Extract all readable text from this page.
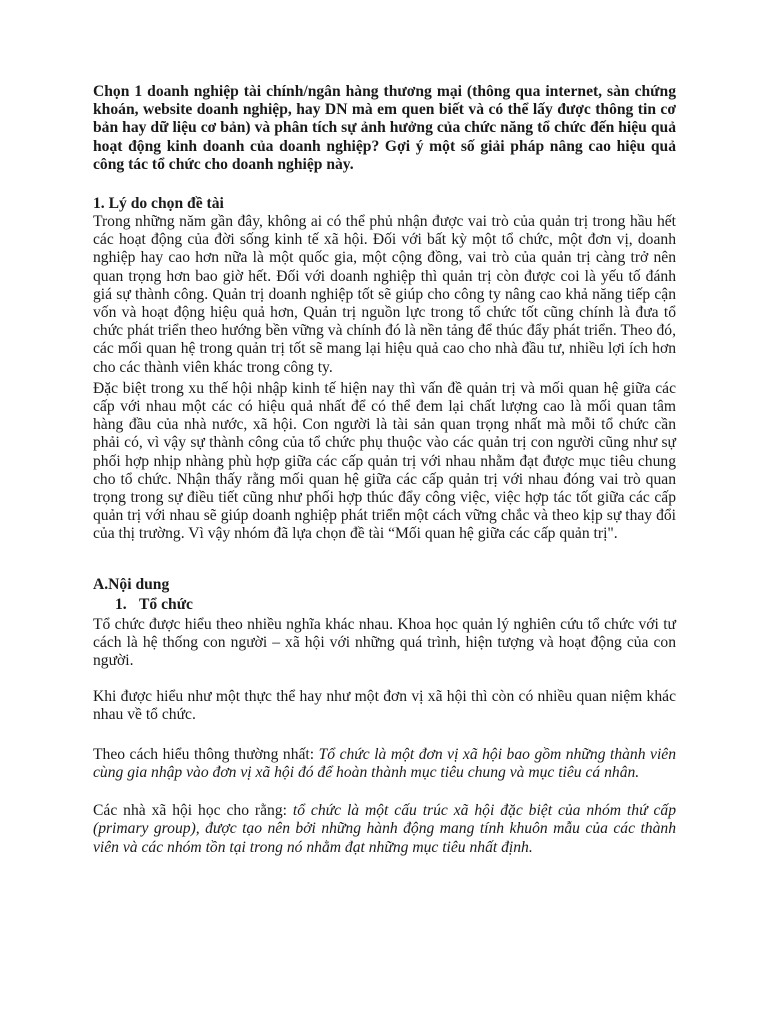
Chọn 1 doanh nghiệp tài chính/ngân hàng thương mại (thông qua internet, sàn chứng khoán, website doanh nghiệp, hay DN mà em quen biết và có thể lấy được thông tin cơ bản hay dữ liệu cơ bản) và phân tích sự ảnh hưởng của chức năng tổ chức đến hiệu quả hoạt động kinh doanh của doanh nghiệp? Gợi ý một số giải pháp nâng cao hiệu quả công tác tổ chức cho doanh nghiệp này.

1. Lý do chọn đề tài

Trong những năm gần đây, không ai có thể phủ nhận được vai trò của quản trị trong hầu hết các hoạt động của đời sống kinh tế xã hội. Đối với bất kỳ một tổ chức, một đơn vị, doanh nghiệp hay cao hơn nữa là một quốc gia, một cộng đồng, vai trò của quản trị càng trở nên quan trọng hơn bao giờ hết. Đối với doanh nghiệp thì quản trị còn được coi là yếu tố đánh giá sự thành công. Quản trị doanh nghiệp tốt sẽ giúp cho công ty nâng cao khả năng tiếp cận vốn và hoạt động hiệu quả hơn, Quản trị nguồn lực trong tổ chức tốt cũng chính là đưa tổ chức phát triển theo hướng bền vững và chính đó là nền tảng để thúc đẩy phát triển. Theo đó, các mối quan hệ trong quản trị tốt sẽ mang lại hiệu quả cao cho nhà đầu tư, nhiều lợi ích hơn cho các thành viên khác trong công ty.

Đặc biệt trong xu thế hội nhập kinh tế hiện nay thì vấn đề quản trị và mối quan hệ giữa các cấp với nhau một các có hiệu quả nhất để có thể đem lại chất lượng cao là mối quan tâm hàng đầu của nhà nước, xã hội. Con người là tài sản quan trọng nhất mà mỗi tổ chức cần phải có, vì vậy sự thành công của tổ chức phụ thuộc vào các quản trị con người cũng như sự phối hợp nhịp nhàng phù hợp giữa các cấp quản trị với nhau nhằm đạt được mục tiêu chung cho tổ chức. Nhận thấy rằng mối quan hệ giữa các cấp quản trị với nhau đóng vai trò quan trọng trong sự điều tiết cũng như phối hợp thúc đẩy công việc, việc hợp tác tốt giữa các cấp quản trị với nhau sẽ giúp doanh nghiệp phát triển một cách vững chắc và theo kịp sự thay đổi của thị trường. Vì vậy nhóm đã lựa chọn đề tài “Mối quan hệ giữa các cấp quản trị".

A.Nội dung

1. Tổ chức

Tổ chức được hiểu theo nhiều nghĩa khác nhau. Khoa học quản lý nghiên cứu tổ chức với tư cách là hệ thống con người – xã hội với những quá trình, hiện tượng và hoạt động của con người.

Khi được hiểu như một thực thể hay như một đơn vị xã hội thì còn có nhiều quan niệm khác nhau về tổ chức.

Theo cách hiểu thông thường nhất: Tổ chức là một đơn vị xã hội bao gồm những thành viên cùng gia nhập vào đơn vị xã hội đó để hoàn thành mục tiêu chung và mục tiêu cá nhân.

Các nhà xã hội học cho rằng: tổ chức là một cấu trúc xã hội đặc biệt của nhóm thứ cấp (primary group), được tạo nên bởi những hành động mang tính khuôn mẫu của các thành viên và các nhóm tồn tại trong nó nhằm đạt những mục tiêu nhất định.
